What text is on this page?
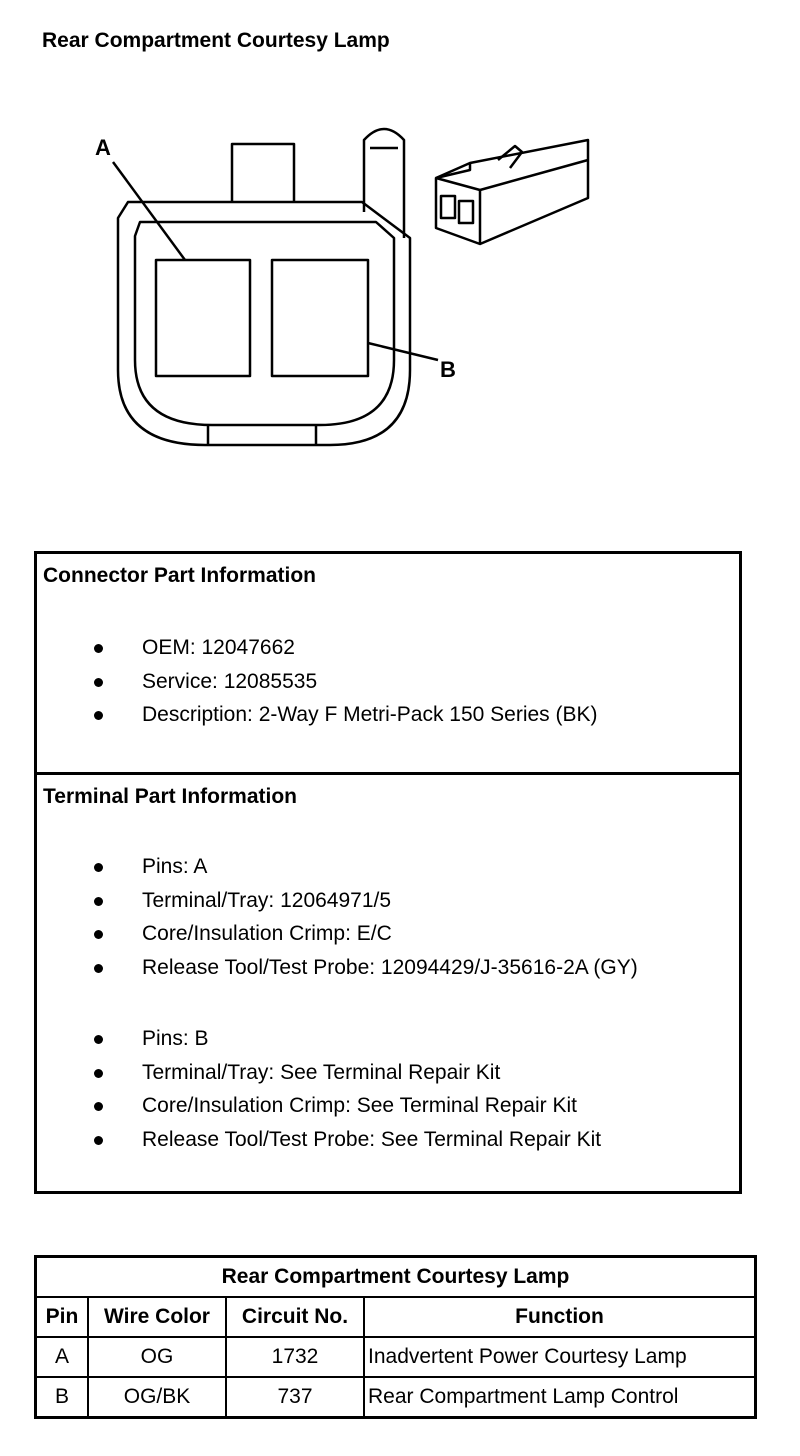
Rear Compartment Courtesy Lamp
A
B
Connector Part Information
OEM: 12047662
Service: 12085535
Description: 2-Way F Metri-Pack 150 Series (BK)
Terminal Part Information
Pins: A
Terminal/Tray: 12064971/5
Core/Insulation Crimp: E/C
Release Tool/Test Probe: 12094429/J-35616-2A (GY)
Pins: B
Terminal/Tray: See Terminal Repair Kit
Core/Insulation Crimp: See Terminal Repair Kit
Release Tool/Test Probe: See Terminal Repair Kit
Rear Compartment Courtesy Lamp			
Pin	Wire Color	Circuit No.	Function
A	OG	1732	Inadvertent Power Courtesy Lamp
B	OG/BK	737	Rear Compartment Lamp Control
